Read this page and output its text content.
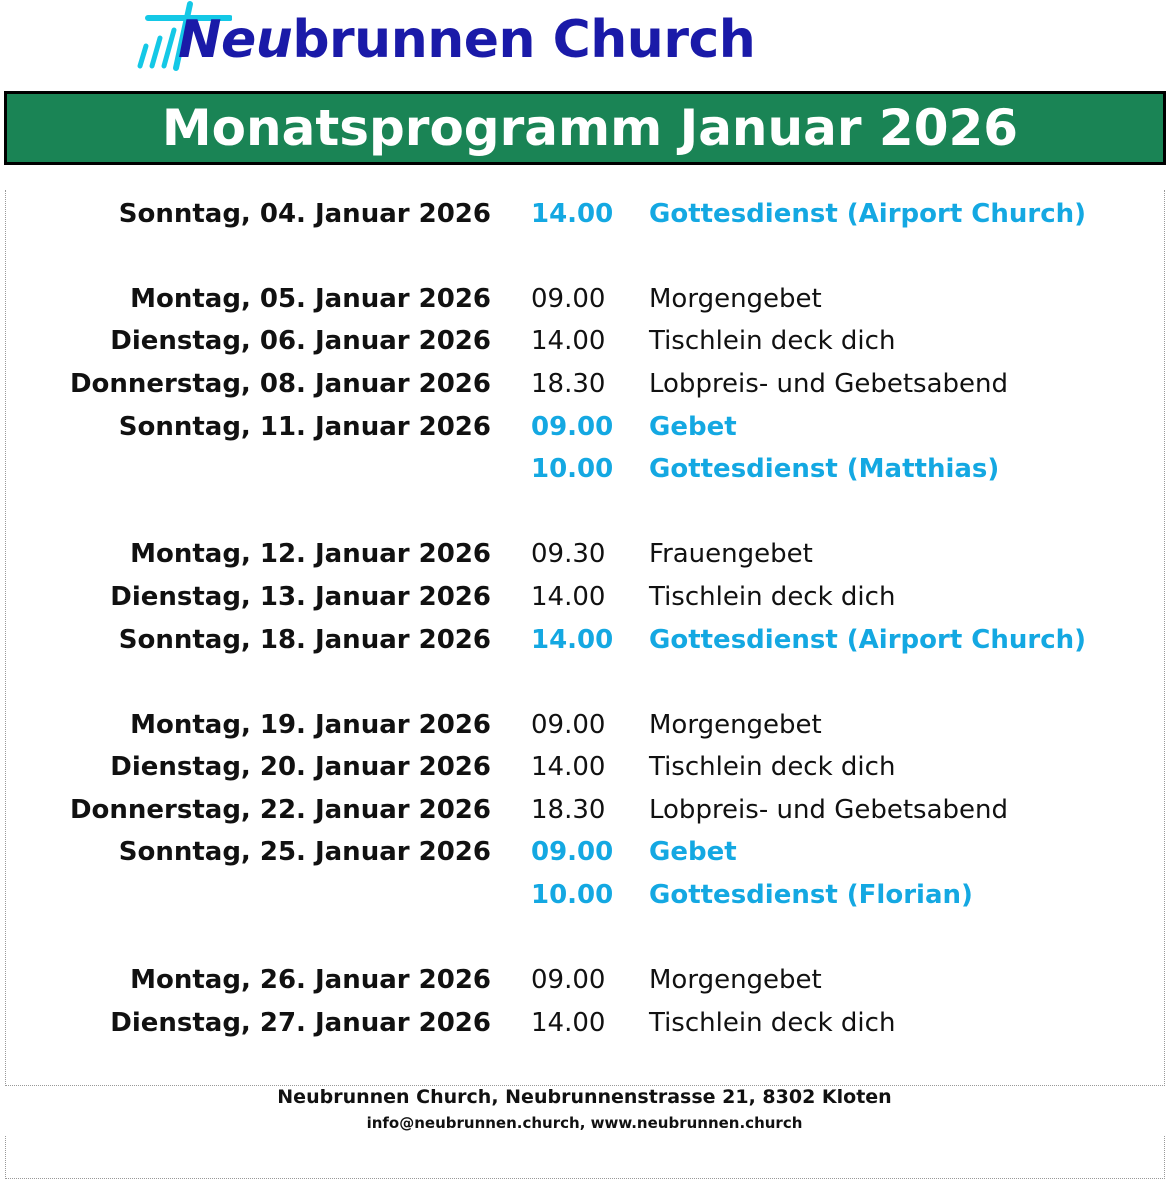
Neubrunnen Church
Monatsprogramm Januar 2026
Sonntag, 04. Januar 2026 14.00 Gottesdienst (Airport Church)
Montag, 05. Januar 2026 09.00 Morgengebet
Dienstag, 06. Januar 2026 14.00 Tischlein deck dich
Donnerstag, 08. Januar 2026 18.30 Lobpreis- und Gebetsabend
Sonntag, 11. Januar 2026 09.00 Gebet
10.00 Gottesdienst (Matthias)
Montag, 12. Januar 2026 09.30 Frauengebet
Dienstag, 13. Januar 2026 14.00 Tischlein deck dich
Sonntag, 18. Januar 2026 14.00 Gottesdienst (Airport Church)
Montag, 19. Januar 2026 09.00 Morgengebet
Dienstag, 20. Januar 2026 14.00 Tischlein deck dich
Donnerstag, 22. Januar 2026 18.30 Lobpreis- und Gebetsabend
Sonntag, 25. Januar 2026 09.00 Gebet
10.00 Gottesdienst (Florian)
Montag, 26. Januar 2026 09.00 Morgengebet
Dienstag, 27. Januar 2026 14.00 Tischlein deck dich
Neubrunnen Church, Neubrunnenstrasse 21, 8302 Kloten
info@neubrunnen.church, www.neubrunnen.church
